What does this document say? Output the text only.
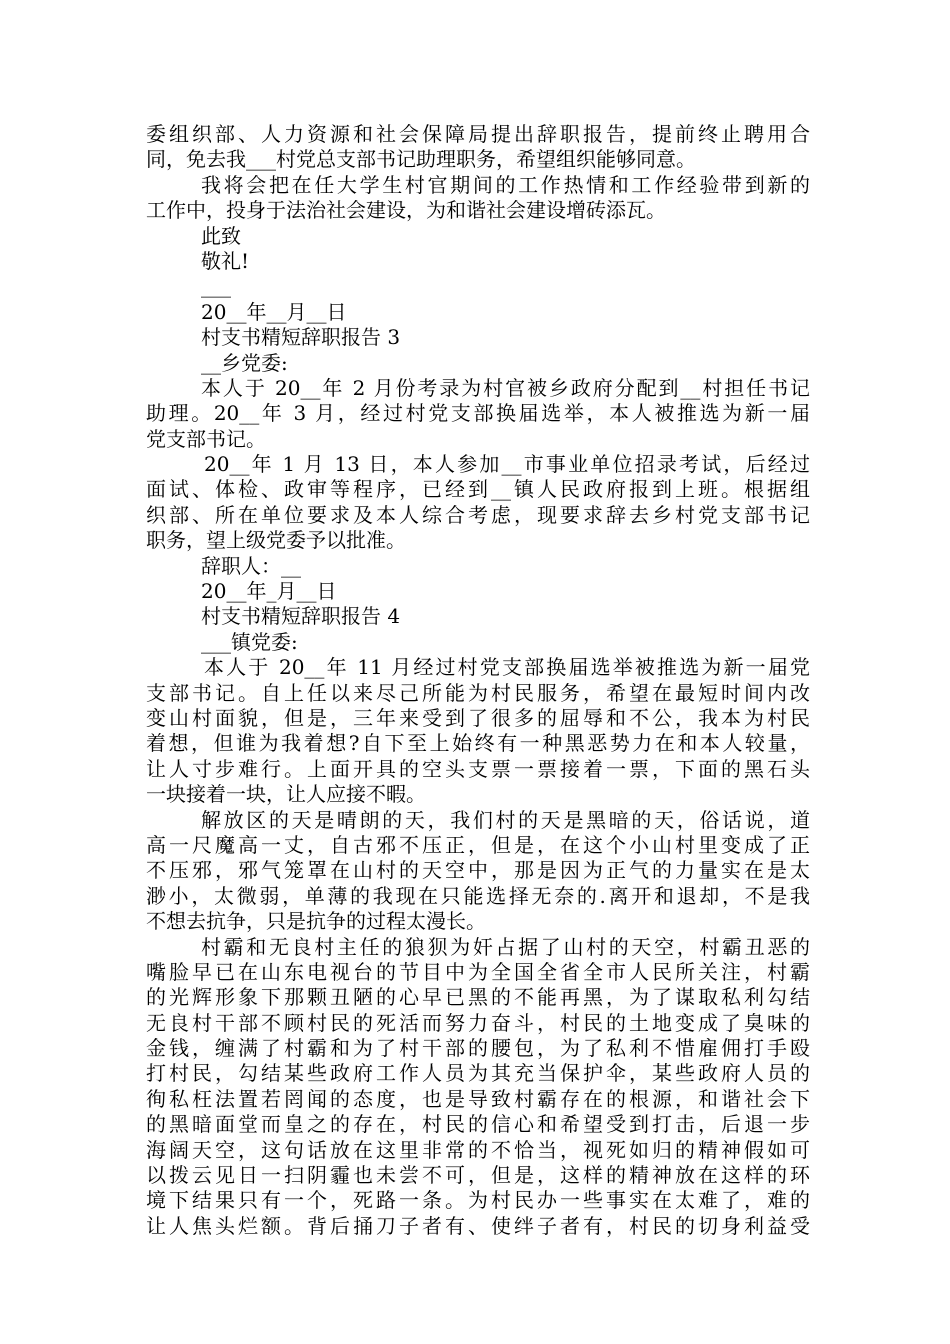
委组织部、人力资源和社会保障局提出辞职报告，提前终止聘用合
同，免去我___村党总支部书记助理职务，希望组织能够同意。
我将会把在任大学生村官期间的工作热情和工作经验带到新的
工作中，投身于法治社会建设，为和谐社会建设增砖添瓦。
此致
敬礼!
___
20__年__月__日
村支书精短辞职报告 3
__乡党委:
本人于 20__年 2 月份考录为村官被乡政府分配到__村担任书记
助理。20__年 3 月，经过村党支部换届选举，本人被推选为新一届
党支部书记。
20__年 1 月 13 日，本人参加__市事业单位招录考试，后经过
面试、体检、政审等程序，已经到__镇人民政府报到上班。根据组
织部、所在单位要求及本人综合考虑，现要求辞去乡村党支部书记
职务，望上级党委予以批准。
辞职人：__
20__年_月__日
村支书精短辞职报告 4
___镇党委:
本人于 20__年 11 月经过村党支部换届选举被推选为新一届党
支部书记。自上任以来尽己所能为村民服务，希望在最短时间内改
变山村面貌，但是，三年来受到了很多的屈辱和不公，我本为村民
着想，但谁为我着想?自下至上始终有一种黑恶势力在和本人较量，
让人寸步难行。上面开具的空头支票一票接着一票，下面的黑石头
一块接着一块，让人应接不暇。
解放区的天是晴朗的天，我们村的天是黑暗的天，俗话说，道
高一尺魔高一丈，自古邪不压正，但是，在这个小山村里变成了正
不压邪，邪气笼罩在山村的天空中，那是因为正气的力量实在是太
渺小，太微弱，单薄的我现在只能选择无奈的.离开和退却，不是我
不想去抗争，只是抗争的过程太漫长。
村霸和无良村主任的狼狈为奸占据了山村的天空，村霸丑恶的
嘴脸早已在山东电视台的节目中为全国全省全市人民所关注，村霸
的光辉形象下那颗丑陋的心早已黑的不能再黑，为了谋取私利勾结
无良村干部不顾村民的死活而努力奋斗，村民的土地变成了臭味的
金钱，缠满了村霸和为了村干部的腰包，为了私利不惜雇佣打手殴
打村民，勾结某些政府工作人员为其充当保护伞，某些政府人员的
徇私枉法置若罔闻的态度，也是导致村霸存在的根源，和谐社会下
的黑暗面堂而皇之的存在，村民的信心和希望受到打击，后退一步
海阔天空，这句话放在这里非常的不恰当，视死如归的精神假如可
以拨云见日一扫阴霾也未尝不可，但是，这样的精神放在这样的环
境下结果只有一个，死路一条。为村民办一些事实在太难了，难的
让人焦头烂额。背后捅刀子者有、使绊子者有，村民的切身利益受
